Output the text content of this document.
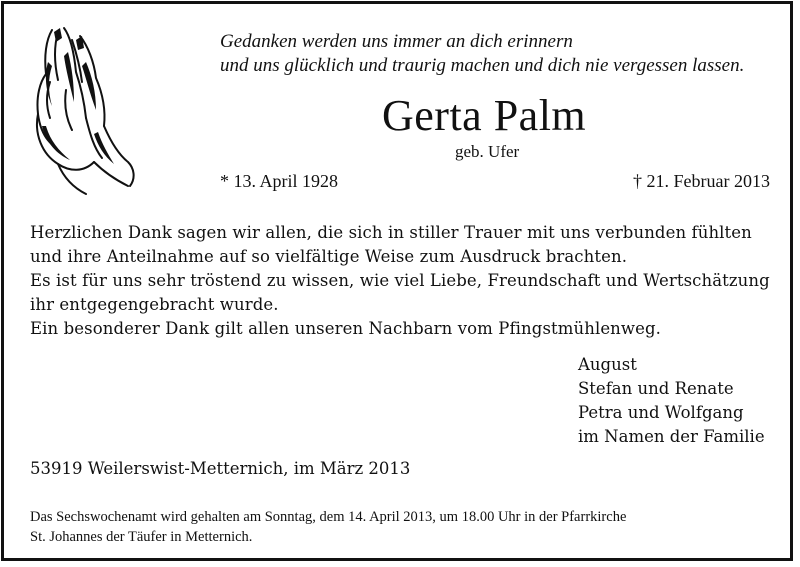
Gedanken werden uns immer an dich erinnern
und uns glücklich und traurig machen und dich nie vergessen lassen.
Gerta Palm
geb. Ufer
* 13. April 1928	† 21. Februar 2013
Herzlichen Dank sagen wir allen, die sich in stiller Trauer mit uns verbunden fühlten
und ihre Anteilnahme auf so vielfältige Weise zum Ausdruck brachten.
Es ist für uns sehr tröstend zu wissen, wie viel Liebe, Freundschaft und Wertschätzung
ihr entgegengebracht wurde.
Ein besonderer Dank gilt allen unseren Nachbarn vom Pfingstmühlenweg.
August
Stefan und Renate
Petra und Wolfgang
im Namen der Familie
53919 Weilerswist-Metternich, im März 2013
Das Sechswochenamt wird gehalten am Sonntag, dem 14. April 2013, um 18.00 Uhr in der Pfarrkirche
St. Johannes der Täufer in Metternich.
